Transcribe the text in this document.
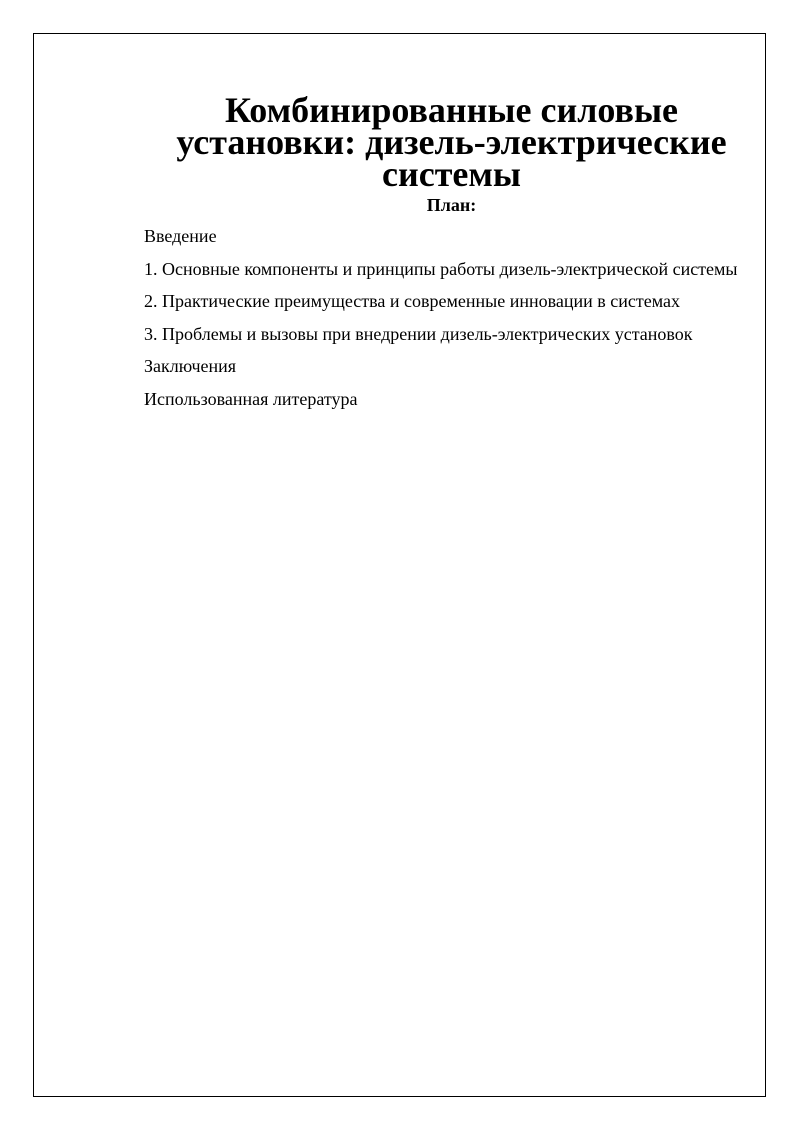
Комбинированные силовые установки: дизель-электрические
системы

План:

Введение
1. Основные компоненты и принципы работы дизель-электрической системы
2. Практические преимущества и современные инновации в системах
3. Проблемы и вызовы при внедрении дизель-электрических установок
Заключения
Использованная литература
